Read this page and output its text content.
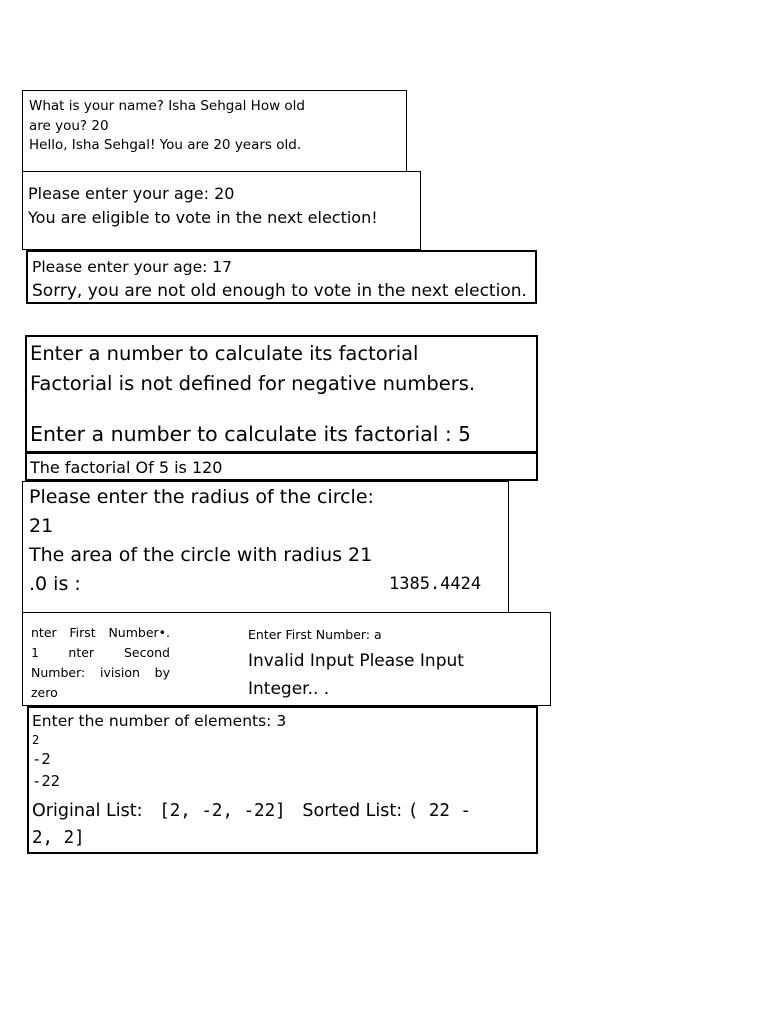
What is your name? Isha Sehgal How old
are you? 20
Hello, Isha Sehgal! You are 20 years old.
Please enter your age: 20
You are eligible to vote in the next election!
Please enter your age: 17
Sorry, you are not old enough to vote in the next election.
Enter a number to calculate its factorial
Factorial is not defined for negative numbers.
Enter a number to calculate its factorial : 5
The factorial Of 5 is 120
Please enter the radius of the circle:
21
The area of the circle with radius 21
.0 is :	1385.4424
nter First Number•.
1 nter Second
Number: ivision by
zero
Enter First Number: a
Invalid Input Please Input
Integer.. .
Enter the number of elements: 3
2
-2
-22
Original List: [2, -2, -22] Sorted List: ( 22 -
2, 2]
